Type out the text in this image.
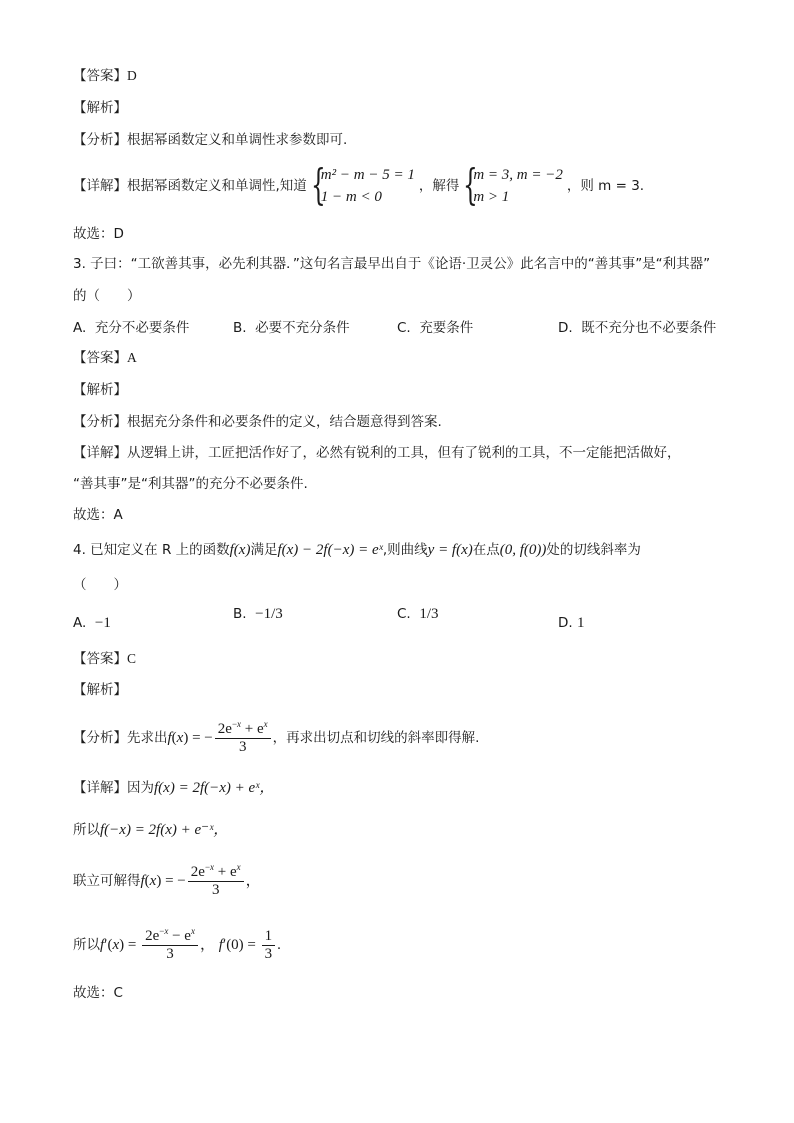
【答案】D
【解析】
【分析】根据幂函数定义和单调性求参数即可.
【详解】根据幂函数定义和单调性,知道 {
m² − m − 5 = 1
1 − m < 0
，解得 {
m = 3, m = −2
m > 1
，则 m = 3.
故选：D
3. 子曰：“工欲善其事，必先利其器．”这句名言最早出自于《论语·卫灵公》此名言中的“善其事”是“利其器”
的（　　）
A. 充分不必要条件	B. 必要不充分条件	C. 充要条件	D. 既不充分也不必要条件
【答案】A
【解析】
【分析】根据充分条件和必要条件的定义，结合题意得到答案.
【详解】从逻辑上讲，工匠把活作好了，必然有锐利的工具，但有了锐利的工具，不一定能把活做好，
“善其事”是“利其器”的充分不必要条件.
故选：A
4. 已知定义在 R 上的函数f(x)满足f(x) − 2f(−x) = eˣ,则曲线y = f(x)在点(0, f(0))处的切线斜率为
（　　）
A. −1
B. −1/3	C. 1/3
D. 1
【答案】C
【解析】
【分析】先求出f(x) = − $\frac{2e^{-x} + e^x}{3}$ ，再求出切点和切线的斜率即得解.
【详解】因为f(x) = 2f(−x) + eˣ，
所以f(−x) = 2f(x) + e⁻ˣ，
联立可解得f(x) = − $\frac{2e^{-x} + e^x}{3}$ ，
所以$f'(x) = \frac{2e^{-x} - e^x}{3}$ ， $f'(0) = \frac{1}{3}$ .
故选：C
